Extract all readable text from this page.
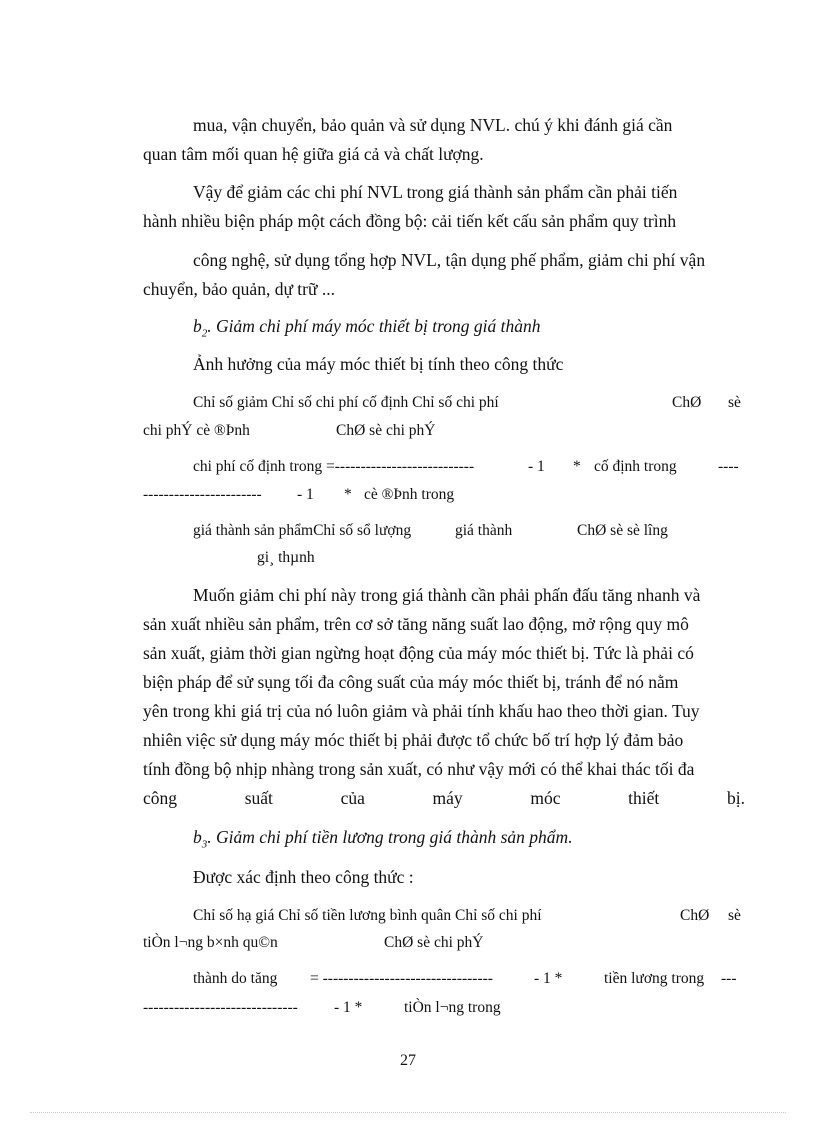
mua, vận chuyển, bảo quản và sử dụng NVL. chú ý khi đánh giá cần
quan tâm mối quan hệ giữa giá cả và chất lượng.
Vậy để giảm các chi phí NVL trong giá thành sản phẩm cần phải tiến
hành nhiều biện pháp một cách đồng bộ: cải tiến kết cấu sản phẩm quy trình
công nghệ, sử dụng tổng hợp NVL, tận dụng phế phẩm, giảm chi phí vận
chuyển, bảo quản, dự trữ ...
$b_2$. Giảm chi phí máy móc thiết bị trong giá thành
Ảnh hưởng của máy móc thiết bị tính theo công thức
Chỉ số giảm Chỉ số chi phí cố định Chỉ số chi phí	ChØ sè
chi phÝ cè ®Þnh	ChØ sè chi phÝ
chi phí cố định trong =---------------------------	- 1 * cố định trong	----
----------------------- - 1 * cè ®Þnh trong
giá thành sản phẩmChỉ số sổ lượng	giá thành	ChØ sè sè lîng
gi¸ thµnh
Muốn giảm chi phí này trong giá thành cần phải phấn đấu tăng nhanh và
sản xuất nhiều sản phẩm, trên cơ sở tăng năng suất lao động, mở rộng quy mô
sản xuất, giảm thời gian ngừng hoạt động của máy móc thiết bị. Tức là phải có
biện pháp để sử sụng tối đa công suất của máy móc thiết bị, tránh để nó nằm
yên trong khi giá trị của nó luôn giảm và phải tính khấu hao theo thời gian. Tuy
nhiên việc sử dụng máy móc thiết bị phải được tổ chức bố trí hợp lý đảm bảo
tính đồng bộ nhịp nhàng trong sản xuất, có như vậy mới có thể khai thác tối đa
công	suất	của	máy	móc	thiết	bị.
$b_3$. Giảm chi phí tiền lương trong giá thành sản phẩm.
Được xác định theo công thức :
Chỉ số hạ giá Chỉ số tiền lương bình quân Chỉ số chi phí	ChØ sè
tiÒn l¬ng b×nh qu©n	ChØ sè chi phÝ
thành do tăng = ---------------------------------	- 1 *	tiền lương trong ---
------------------------------ - 1 *	tiÒn l¬ng trong
27
